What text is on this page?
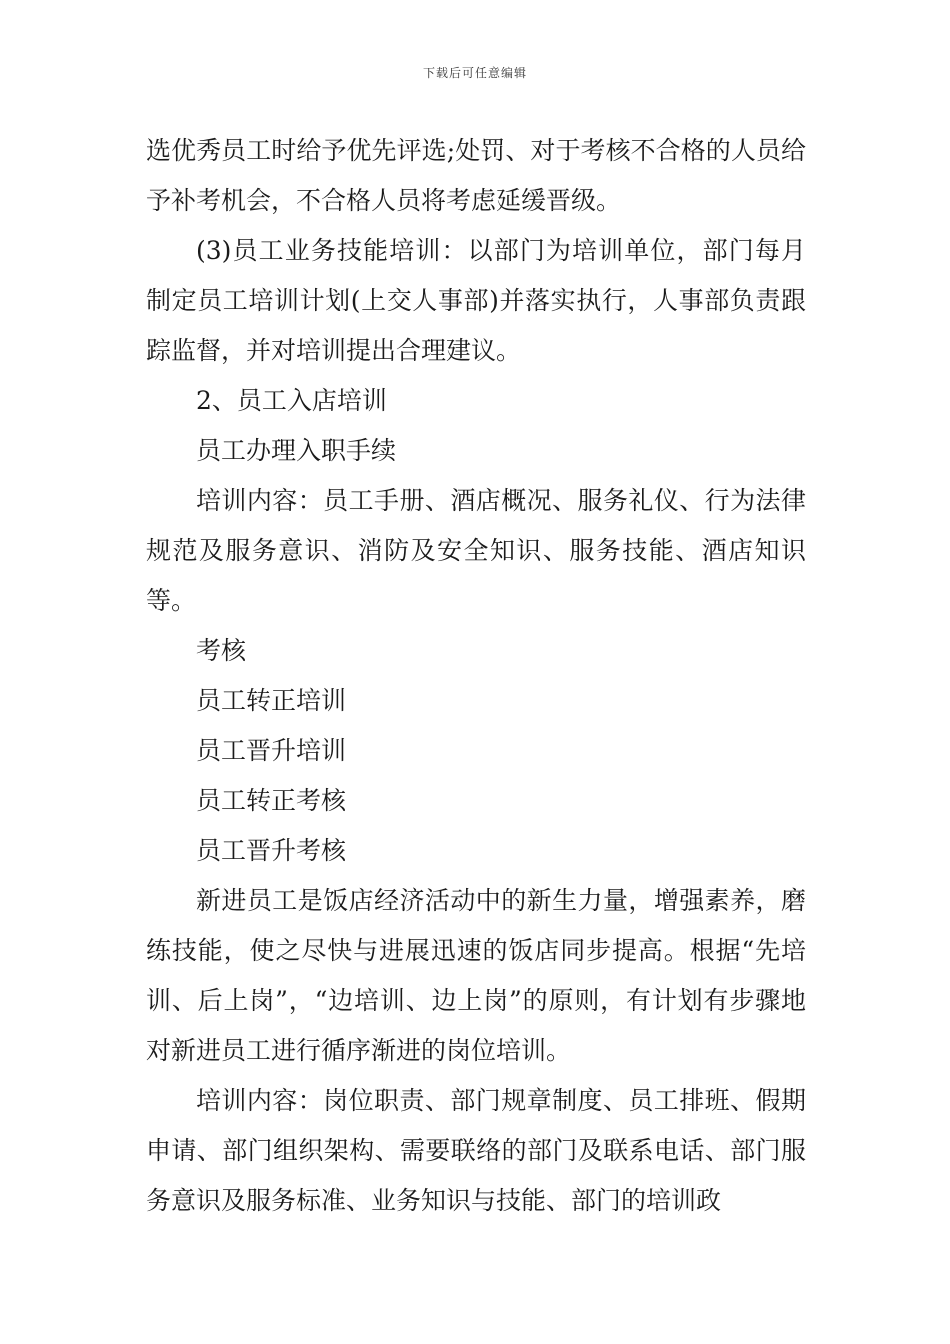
下载后可任意编辑

选优秀员工时给予优先评选;处罚、对于考核不合格的人员给予补考机会，不合格人员将考虑延缓晋级。

(3)员工业务技能培训：以部门为培训单位，部门每月制定员工培训计划(上交人事部)并落实执行，人事部负责跟踪监督，并对培训提出合理建议。

2、员工入店培训

员工办理入职手续

培训内容：员工手册、酒店概况、服务礼仪、行为法律规范及服务意识、消防及安全知识、服务技能、酒店知识等。

考核

员工转正培训

员工晋升培训

员工转正考核

员工晋升考核

新进员工是饭店经济活动中的新生力量，增强素养，磨练技能，使之尽快与进展迅速的饭店同步提高。根据“先培训、后上岗”，“边培训、边上岗”的原则，有计划有步骤地对新进员工进行循序渐进的岗位培训。

培训内容：岗位职责、部门规章制度、员工排班、假期申请、部门组织架构、需要联络的部门及联系电话、部门服务意识及服务标准、业务知识与技能、部门的培训政
